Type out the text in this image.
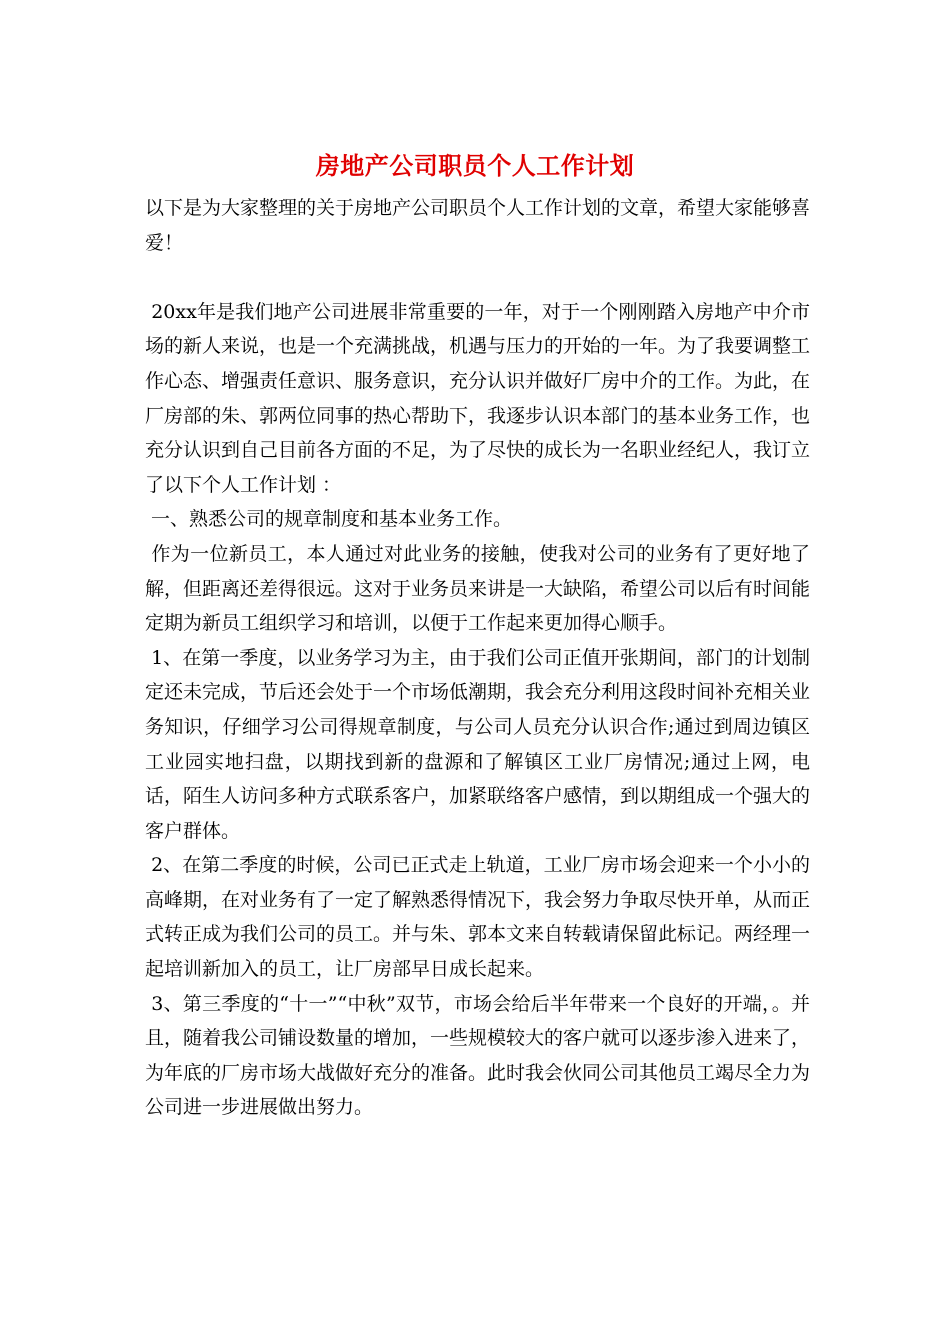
房地产公司职员个人工作计划

以下是为大家整理的关于房地产公司职员个人工作计划的文章，希望大家能够喜爱！

20xx年是我们地产公司进展非常重要的一年，对于一个刚刚踏入房地产中介市场的新人来说，也是一个充满挑战，机遇与压力的开始的一年。为了我要调整工作心态、增强责任意识、服务意识，充分认识并做好厂房中介的工作。为此，在厂房部的朱、郭两位同事的热心帮助下，我逐步认识本部门的基本业务工作，也充分认识到自己目前各方面的不足，为了尽快的成长为一名职业经纪人，我订立了以下个人工作计划 ：

一、熟悉公司的规章制度和基本业务工作。

作为一位新员工，本人通过对此业务的接触，使我对公司的业务有了更好地了解，但距离还差得很远。这对于业务员来讲是一大缺陷，希望公司以后有时间能定期为新员工组织学习和培训，以便于工作起来更加得心顺手。

1、在第一季度，以业务学习为主，由于我们公司正值开张期间，部门的计划制定还未完成，节后还会处于一个市场低潮期，我会充分利用这段时间补充相关业务知识，仔细学习公司得规章制度，与公司人员充分认识合作;通过到周边镇区工业园实地扫盘，以期找到新的盘源和了解镇区工业厂房情况;通过上网，电话，陌生人访问多种方式联系客户，加紧联络客户感情，到以期组成一个强大的客户群体。

2、在第二季度的时候，公司已正式走上轨道，工业厂房市场会迎来一个小小的高峰期，在对业务有了一定了解熟悉得情况下，我会努力争取尽快开单，从而正式转正成为我们公司的员工。并与朱、郭本文来自转载请保留此标记。两经理一起培训新加入的员工，让厂房部早日成长起来。

3、第三季度的“十一”“中秋”双节，市场会给后半年带来一个良好的开端，。并且，随着我公司铺设数量的增加，一些规模较大的客户就可以逐步渗入进来了，为年底的厂房市场大战做好充分的准备。此时我会伙同公司其他员工竭尽全力为公司进一步进展做出努力。
